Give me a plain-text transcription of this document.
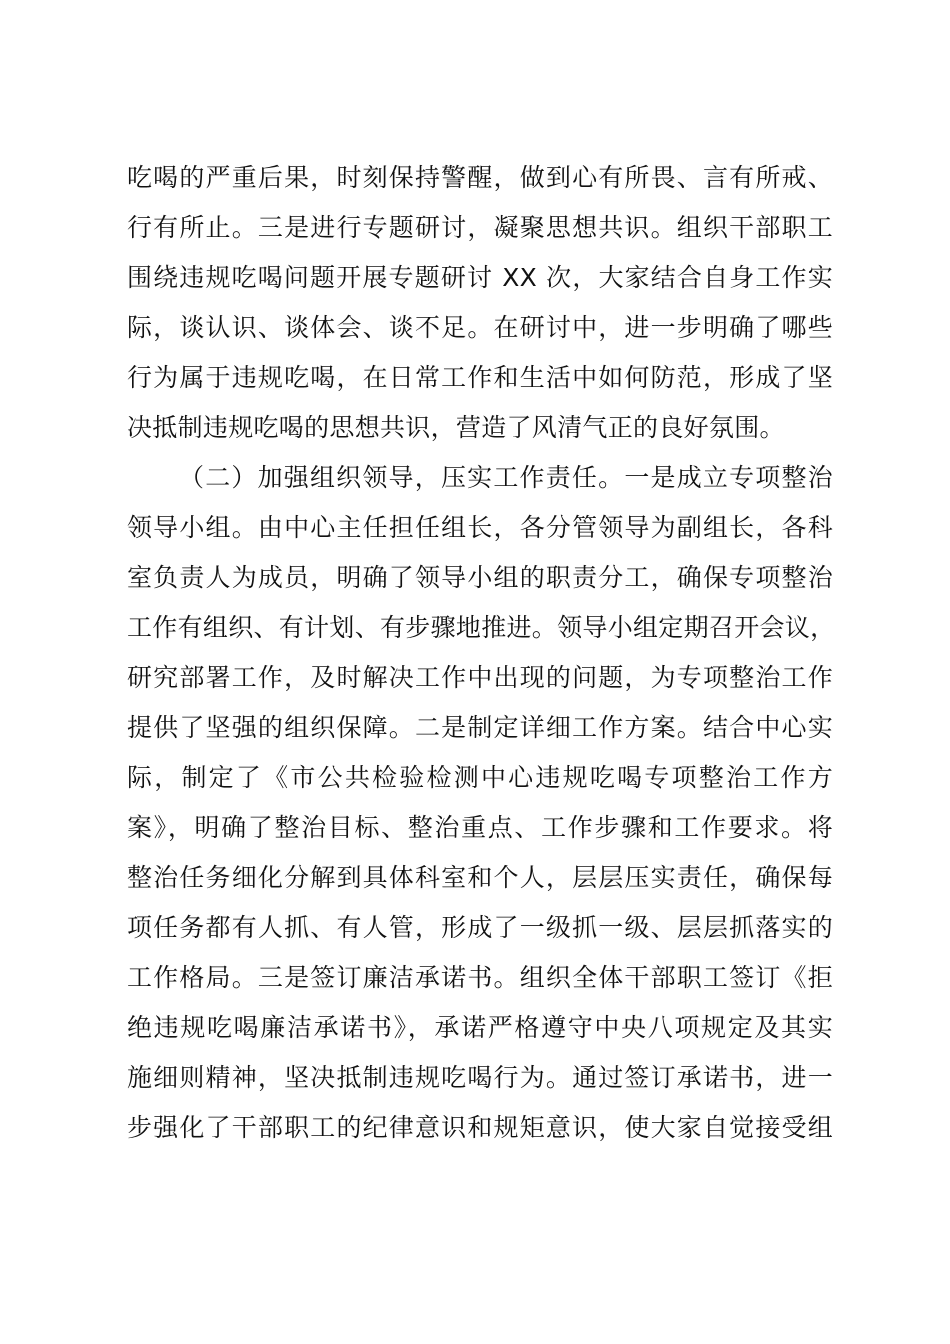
吃喝的严重后果，时刻保持警醒，做到心有所畏、言有所戒、
行有所止。三是进行专题研讨，凝聚思想共识。组织干部职工
围绕违规吃喝问题开展专题研讨 XX 次，大家结合自身工作实
际，谈认识、谈体会、谈不足。在研讨中，进一步明确了哪些
行为属于违规吃喝，在日常工作和生活中如何防范，形成了坚
决抵制违规吃喝的思想共识，营造了风清气正的良好氛围。
（二）加强组织领导，压实工作责任。一是成立专项整治
领导小组。由中心主任担任组长，各分管领导为副组长，各科
室负责人为成员，明确了领导小组的职责分工，确保专项整治
工作有组织、有计划、有步骤地推进。领导小组定期召开会议，
研究部署工作，及时解决工作中出现的问题，为专项整治工作
提供了坚强的组织保障。二是制定详细工作方案。结合中心实
际，制定了《市公共检验检测中心违规吃喝专项整治工作方
案》，明确了整治目标、整治重点、工作步骤和工作要求。将
整治任务细化分解到具体科室和个人，层层压实责任，确保每
项任务都有人抓、有人管，形成了一级抓一级、层层抓落实的
工作格局。三是签订廉洁承诺书。组织全体干部职工签订《拒
绝违规吃喝廉洁承诺书》，承诺严格遵守中央八项规定及其实
施细则精神，坚决抵制违规吃喝行为。通过签订承诺书，进一
步强化了干部职工的纪律意识和规矩意识，使大家自觉接受组
